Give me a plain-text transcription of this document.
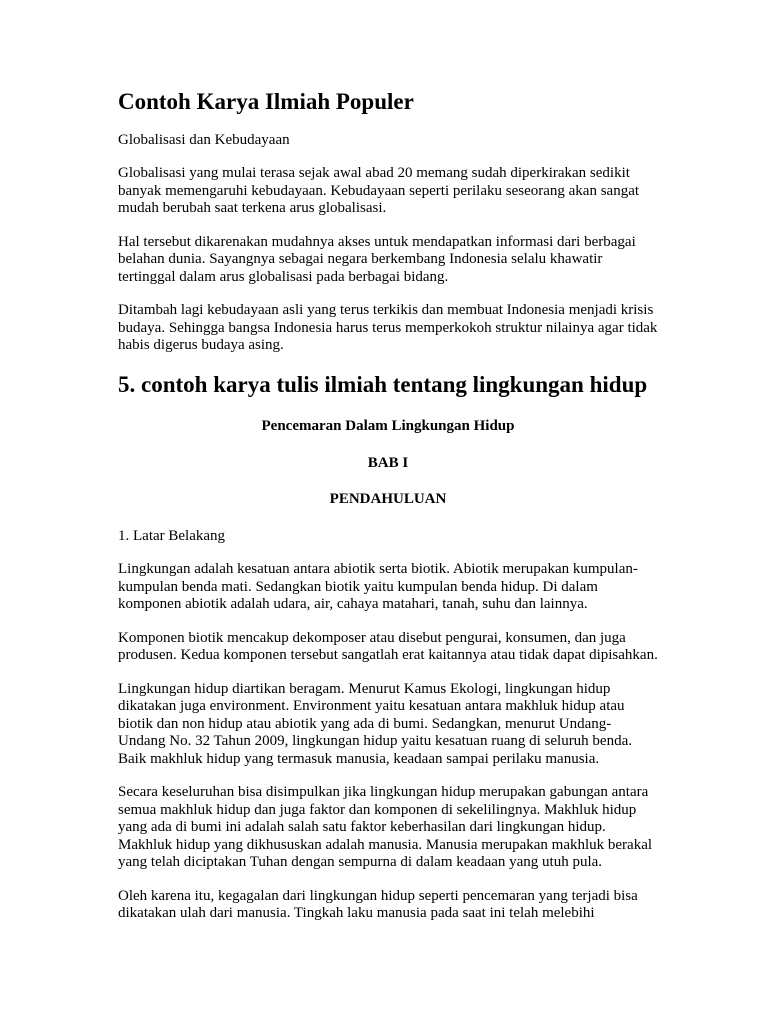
Contoh Karya Ilmiah Populer

Globalisasi dan Kebudayaan

Globalisasi yang mulai terasa sejak awal abad 20 memang sudah diperkirakan sedikit banyak memengaruhi kebudayaan. Kebudayaan seperti perilaku seseorang akan sangat mudah berubah saat terkena arus globalisasi.

Hal tersebut dikarenakan mudahnya akses untuk mendapatkan informasi dari berbagai belahan dunia. Sayangnya sebagai negara berkembang Indonesia selalu khawatir tertinggal dalam arus globalisasi pada berbagai bidang.

Ditambah lagi kebudayaan asli yang terus terkikis dan membuat Indonesia menjadi krisis budaya. Sehingga bangsa Indonesia harus terus memperkokoh struktur nilainya agar tidak habis digerus budaya asing.

5. contoh karya tulis ilmiah tentang lingkungan hidup

Pencemaran Dalam Lingkungan Hidup

BAB I

PENDAHULUAN

1. Latar Belakang

Lingkungan adalah kesatuan antara abiotik serta biotik. Abiotik merupakan kumpulan-kumpulan benda mati. Sedangkan biotik yaitu kumpulan benda hidup. Di dalam komponen abiotik adalah udara, air, cahaya matahari, tanah, suhu dan lainnya.

Komponen biotik mencakup dekomposer atau disebut pengurai, konsumen, dan juga produsen. Kedua komponen tersebut sangatlah erat kaitannya atau tidak dapat dipisahkan.

Lingkungan hidup diartikan beragam. Menurut Kamus Ekologi, lingkungan hidup dikatakan juga environment. Environment yaitu kesatuan antara makhluk hidup atau biotik dan non hidup atau abiotik yang ada di bumi. Sedangkan, menurut Undang-Undang No. 32 Tahun 2009, lingkungan hidup yaitu kesatuan ruang di seluruh benda. Baik makhluk hidup yang termasuk manusia, keadaan sampai perilaku manusia.

Secara keseluruhan bisa disimpulkan jika lingkungan hidup merupakan gabungan antara semua makhluk hidup dan juga faktor dan komponen di sekelilingnya. Makhluk hidup yang ada di bumi ini adalah salah satu faktor keberhasilan dari lingkungan hidup. Makhluk hidup yang dikhususkan adalah manusia. Manusia merupakan makhluk berakal yang telah diciptakan Tuhan dengan sempurna di dalam keadaan yang utuh pula.

Oleh karena itu, kegagalan dari lingkungan hidup seperti pencemaran yang terjadi bisa dikatakan ulah dari manusia. Tingkah laku manusia pada saat ini telah melebihi
